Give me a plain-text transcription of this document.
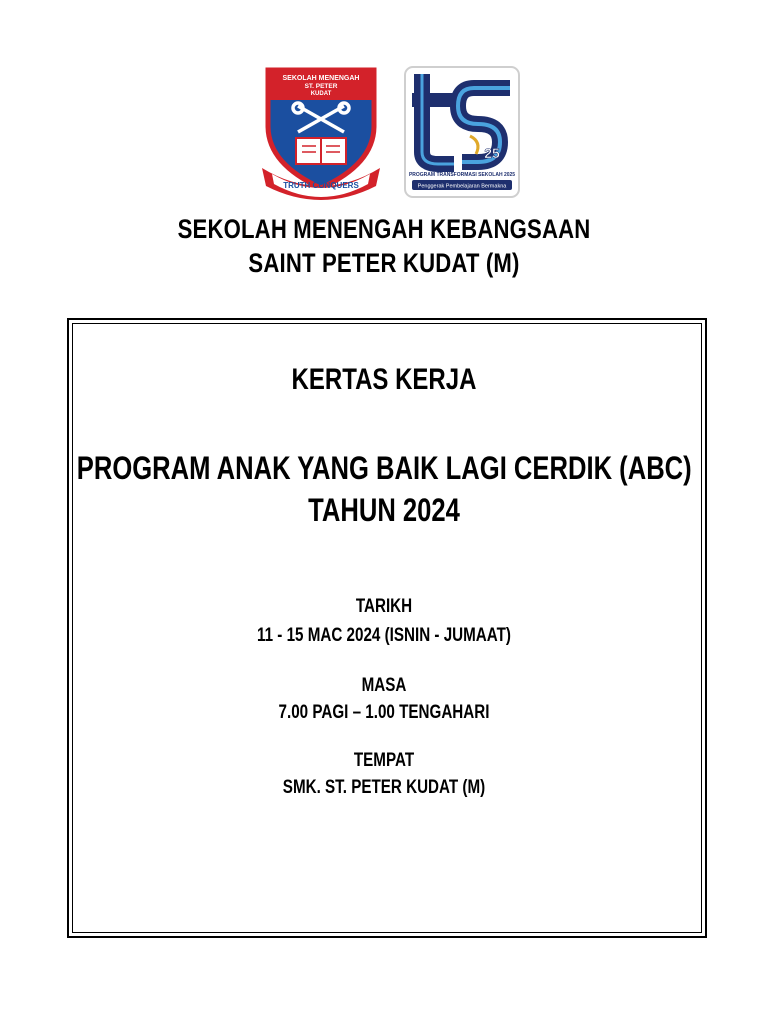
SEKOLAH MENENGAH
ST. PETER
KUDAT
TRUTH CONQUERS
25
PROGRAM TRANSFORMASI SEKOLAH 2025
Penggerak Pembelajaran Bermakna
SEKOLAH MENENGAH KEBANGSAAN
SAINT PETER KUDAT (M)
KERTAS KERJA
PROGRAM ANAK YANG BAIK LAGI CERDIK (ABC)
TAHUN 2024
TARIKH
11 - 15 MAC 2024 (ISNIN - JUMAAT)
MASA
7.00 PAGI – 1.00 TENGAHARI
TEMPAT
SMK. ST. PETER KUDAT (M)
